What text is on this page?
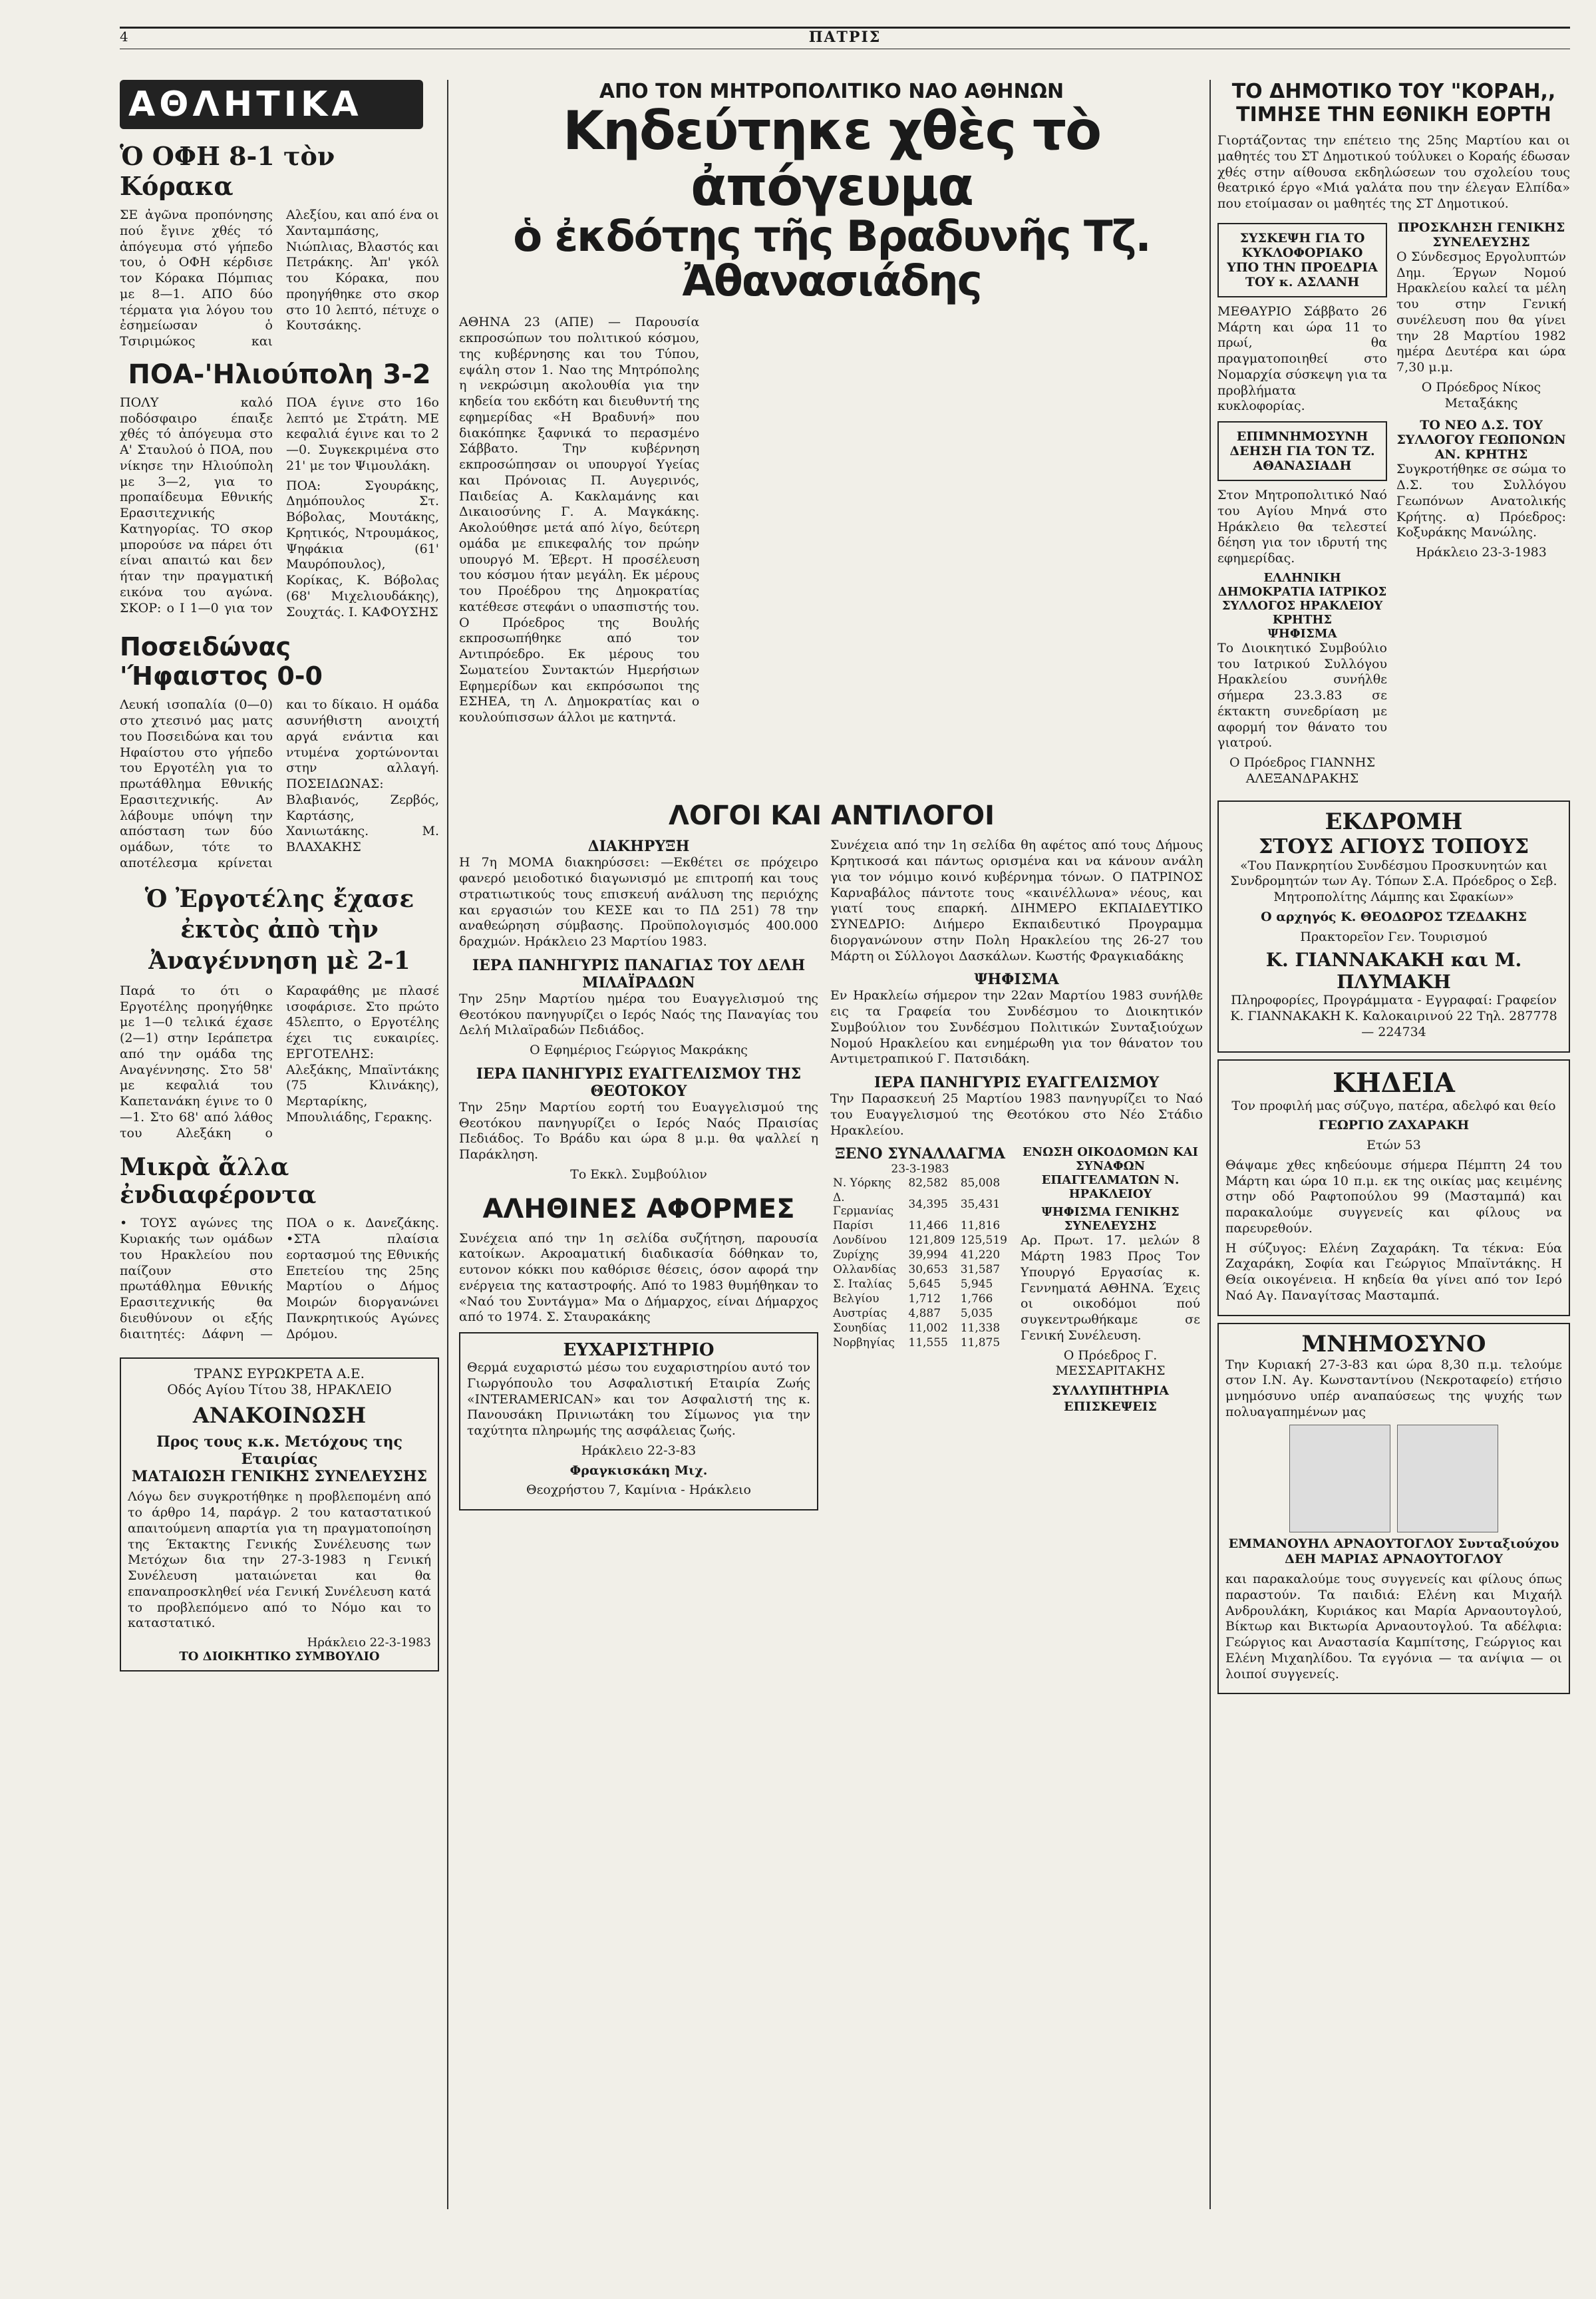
4	ΠΑΤΡΙΣ
ΑΘΛΗΤΙΚΑ
Ὁ ΟΦΗ 8-1 τὸν Κόρακα

ΣΕ ἀγῶνα προπόνησης πού ἔγινε χθές τό ἀπόγευμα στό γήπεδο του, ὁ ΟΦΗ κέρδισε τον Κόρακα Πόμπιας με 8—1. ΑΠΟ δύο τέρματα για λόγου του ἐσημείωσαν ὁ Τσιριμώκος και Αλεξίου, και από ένα οι Χανταμπάσης, Νιώπλιας, Βλαστός και Πετράκης. Ἀπ' γκόλ του Κόρακα, που προηγήθηκε στο σκορ στο 10 λεπτό, πέτυχε ο Κουτσάκης.

ΠΟΑ-'Ηλιούπολη 3-2

ΠΟΛΥ καλό ποδόσφαιρο έπαιξε χθές τό ἀπόγευμα στο Α' Σταυλού ὁ ΠΟΑ, που νίκησε την Ηλιούπολη με 3—2, για το προπαίδευμα Εθνικής Ερασιτεχνικής Κατηγορίας. ΤΟ σκορ μπορούσε να πάρει ότι είναι απαιτώ και δεν ήταν την πραγματική εικόνα του αγώνα. ΣΚΟΡ: ο Ι 1—0 για τον ΠΟΑ έγινε στο 16ο λεπτό με Στράτη. ΜΕ κεφαλιά έγινε και το 2—0. Συγκεκριμένα στο 21' με τον Ψιμουλάκη.

ΠΟΑ: Σγουράκης, Δημόπουλος Στ. Βόβολας, Μουτάκης, Κρητικός, Ντρουμάκος, Ψηφάκια (61' Μαυρόπουλος), Κορίκας, Κ. Βόβολας (68' Μιχελιουδάκης), Σουχτάς. Ι. ΚΑΦΟΥΣΗΣ

Ποσειδώνας 'Ήφαιστος 0-0

Λευκή ισοπαλία (0—0) στο χτεσινό μας ματς του Ποσειδώνα και του Ηφαίστου στο γήπεδο του Εργοτέλη για το πρωτάθλημα Εθνικής Ερασιτεχνικής. Αν λάβουμε υπόψη την απόσταση των δύο ομάδων, τότε το αποτέλεσμα κρίνεται και το δίκαιο. Η ομάδα ασυνήθιστη ανοιχτή αργά ενάντια και ντυμένα χορτώνονται στην αλλαγή. ΠΟΣΕΙΔΩΝΑΣ: Βλαβιανός, Ζερβός, Καρτάσης, Χανιωτάκης. Μ. ΒΛΑΧΑΚΗΣ

Ὁ Ἐργοτέλης ἔχασε ἐκτὸς ἀπὸ τὴν Ἀναγέννηση μὲ 2-1

Παρά το ότι ο Εργοτέλης προηγήθηκε με 1—0 τελικά έχασε (2—1) στην Ιεράπετρα από την ομάδα της Αναγέννησης. Στο 58' με κεφαλιά του Καπετανάκη έγινε το 0—1. Στο 68' από λάθος του Αλεξάκη ο Καραφάθης με πλασέ ισοφάρισε. Στο πρώτο 45λεπτο, ο Εργοτέλης έχει τις ευκαιρίες. ΕΡΓΟΤΕΛΗΣ: Αλεξάκης, Μπαϊντάκης (75 Κλινάκης), Μερταρίκης, Μπουλιάδης, Γερακης.

Μικρὰ ἄλλα ἐνδιαφέροντα

• ΤΟΥΣ αγώνες της Κυριακής των ομάδων του Ηρακλείου που παίζουν στο πρωτάθλημα Εθνικής Ερασιτεχνικής θα διευθύνουν οι εξής διαιτητές: Δάφνη —ΠΟΑ ο κ. Δανεζάκης. •ΣΤΑ πλαίσια εορτασμού της Εθνικής Επετείου της 25ης Μαρτίου ο Δήμος Μοιρών διοργανώνει Πανκρητικούς Αγώνες Δρόμου.

ΤΡΑΝΣ ΕΥΡΩΚΡΕΤΑ Α.Ε.
Οδός Αγίου Τίτου 38, ΗΡΑΚΛΕΙΟ
ΑΝΑΚΟΙΝΩΣΗ
Προς τους κ.κ. Μετόχους της Εταιρίας
ΜΑΤΑΙΩΣΗ ΓΕΝΙΚΗΣ ΣΥΝΕΛΕΥΣΗΣ

Λόγω δεν συγκροτήθηκε η προβλεπομένη από το άρθρο 14, παράγρ. 2 του καταστατικού απαιτούμενη απαρτία για τη πραγματοποίηση της Έκτακτης Γενικής Συνέλευσης των Μετόχων δια την 27-3-1983 η Γενική Συνέλευση ματαιώνεται και θα επαναπροσκληθεί νέα Γενική Συνέλευση κατά το προβλεπόμενο από το Νόμο και το καταστατικό.

Ηράκλειο 22-3-1983
ΤΟ ΔΙΟΙΚΗΤΙΚΟ ΣΥΜΒΟΥΛΙΟ
ΑΠΟ ΤΟΝ ΜΗΤΡΟΠΟΛΙΤΙΚΟ ΝΑΟ ΑΘΗΝΩΝ
Κηδεύτηκε χθὲς τὸ ἀπόγευμα
ὁ ἐκδότης τῆς Βραδυνῆς Τζ. Ἀθανασιάδης

ΑΘΗΝΑ 23 (ΑΠΕ) — Παρουσία εκπροσώπων του πολιτικού κόσμου, της κυβέρνησης και του Τύπου, εψάλη στον 1. Ναο της Μητρόπολης η νεκρώσιμη ακολουθία για την κηδεία του εκδότη και διευθυντή της εφημερίδας «Η Βραδυνή» που διακόπηκε ξαφνικά το περασμένο Σάββατο. Την κυβέρνηση εκπροσώπησαν οι υπουργοί Υγείας και Πρόνοιας Π. Αυγερινός, Παιδείας Α. Κακλαμάνης και Δικαιοσύνης Γ. Α. Μαγκάκης. Ακολούθησε μετά από λίγο, δεύτερη ομάδα με επικεφαλής τον πρώην υπουργό Μ. Έβερτ. Η προσέλευση του κόσμου ήταν μεγάλη. Εκ μέρους του Προέδρου της Δημοκρατίας κατέθεσε στεφάνι ο υπασπιστής του. Ο Πρόεδρος της Βουλής εκπροσωπήθηκε από τον Αντιπρόεδρο. Εκ μέρους του Σωματείου Συντακτών Ημερήσιων Εφημερίδων και εκπρόσωποι της ΕΣΗΕΑ, τη Λ. Δημοκρατίας και ο κουλούπισσων άλλοι με κατηντά.

ΛΟΓΟΙ ΚΑΙ ΑΝΤΙΛΟΓΟΙ
ΔΙΑΚΗΡΥΞΗ

Η 7η ΜΟΜΑ διακηρύσσει: —Εκθέτει σε πρόχειρο φανερό μειοδοτικό διαγωνισμό με επιτροπή και τους στρατιωτικούς τους επισκευή ανάλυση της περιόχης και εργασιών του ΚΕΣΕ και το ΠΔ 251) 78 την αναθεώρηση σύμβασης. Προϋπολογισμός 400.000 δραχμών. Ηράκλειο 23 Μαρτίου 1983.

ΙΕΡΑ ΠΑΝΗΓΥΡΙΣ ΠΑΝΑΓΙΑΣ ΤΟΥ ΔΕΛΗ ΜΙΛΑΪΡΑΔΩΝ

Την 25ην Μαρτίου ημέρα του Ευαγγελισμού της Θεοτόκου πανηγυρίζει ο Ιερός Ναός της Παναγίας του Δελή Μιλαϊραδών Πεδιάδος.

Ο Εφημέριος Γεώργιος Μακράκης

ΙΕΡΑ ΠΑΝΗΓΥΡΙΣ ΕΥΑΓΓΕΛΙΣΜΟΥ ΤΗΣ ΘΕΟΤΟΚΟΥ

Την 25ην Μαρτίου εορτή του Ευαγγελισμού της Θεοτόκου πανηγυρίζει ο Ιερός Ναός Πραισίας Πεδιάδος. Το Βράδυ και ώρα 8 μ.μ. θα ψαλλεί η Παράκληση.

Το Εκκλ. Συμβούλιον

ΑΛΗΘΙΝΕΣ ΑΦΟΡΜΕΣ

Συνέχεια από την 1η σελίδα συζήτηση, παρουσία κατοίκων. Ακροαματική διαδικασία δόθηκαν το, ευτονον κόκκι που καθόρισε θέσεις, όσον αφορά την ενέργεια της καταστροφής. Από το 1983 θυμήθηκαν το «Ναό του Συντάγμα» Μα ο Δήμαρχος, είναι Δήμαρχος από το 1974. Σ. Σταυρακάκης

ΕΥΧΑΡΙΣΤΗΡΙΟ

Θερμά ευχαριστώ μέσω του ευχαριστηρίου αυτό τον Γιωργόπουλο του Ασφαλιστική Εταιρία Ζωής «INTERAMERICAN» και τον Ασφαλιστή της κ. Πανουσάκη Πρινιωτάκη του Σίμωνος για την ταχύτητα πληρωμής της ασφάλειας ζωής.

Ηράκλειο 22-3-83

Φραγκισκάκη Μιχ.

Θεοχρήστου 7, Καμίνια - Ηράκλειο

Συνέχεια από την 1η σελίδα θη αφέτος από τους Δήμους Κρητικοσά και πάντως ορισμένα και να κάνουν ανάλη για τον νόμιμο κοινό κυβέρνημα τόνων. Ο ΠΑΤΡΙΝΟΣ Καρναβάλος πάντοτε τους «καινέλλωνα» νέους, και γιατί τους επαρκή. ΔΙΗΜΕΡΟ ΕΚΠΑΙΔΕΥΤΙΚΟ ΣΥΝΕΔΡΙΟ: Διήμερο Εκπαιδευτικό Προγραμμα διοργανώνουν στην Πολη Ηρακλείου της 26-27 του Μάρτη οι Σύλλογοι Δασκάλων. Κωστής Φραγκιαδάκης

ΨΗΦΙΣΜΑ

Εν Ηρακλείω σήμερον την 22αν Μαρτίου 1983 συνήλθε εις τα Γραφεία του Συνδέσμου το Διοικητικόν Συμβούλιον του Συνδέσμου Πολιτικών Συνταξιούχων Νομού Ηρακλείου και ενημέρωθη για τον θάνατον του Αντιμετραπικού Γ. Πατσιδάκη.

ΙΕΡΑ ΠΑΝΗΓΥΡΙΣ ΕΥΑΓΓΕΛΙΣΜΟΥ

Την Παρασκευή 25 Μαρτίου 1983 πανηγυρίζει το Ναό του Ευαγγελισμού της Θεοτόκου στο Νέο Στάδιο Ηρακλείου.

ΞΕΝΟ ΣΥΝΑΛΛΑΓΜΑ
23-3-1983
Ν. Υόρκης	82,582	85,008
Δ. Γερμανίας	34,395	35,431
Παρίσι	11,466	11,816
Λονδίνου	121,809	125,519
Ζυρίχης	39,994	41,220
Ολλανδίας	30,653	31,587
Σ. Ιταλίας	5,645	5,945
Βελγίου	1,712	1,766
Αυστρίας	4,887	5,035
Σουηδίας	11,002	11,338
Νορβηγίας	11,555	11,875
ΕΝΩΣΗ ΟΙΚΟΔΟΜΩΝ ΚΑΙ ΣΥΝΑΦΩΝ ΕΠΑΓΓΕΛΜΑΤΩΝ Ν. ΗΡΑΚΛΕΙΟΥ
ΨΗΦΙΣΜΑ ΓΕΝΙΚΗΣ ΣΥΝΕΛΕΥΣΗΣ

Αρ. Πρωτ. 17. μελών 8 Μάρτη 1983 Προς Τον Υπουργό Εργασίας κ. Γεννηματά ΑΘΗΝΑ. Έχεις οι οικοδόμοι πού συγκεντρωθήκαμε σε Γενική Συνέλευση.

Ο Πρόεδρος Γ. ΜΕΣΣΑΡΙΤΑΚΗΣ

ΣΥΛΛΥΠΗΤΗΡΙΑ ΕΠΙΣΚΕΨΕΙΣ

ΤΟ ΔΗΜΟΤΙΚΟ ΤΟΥ "ΚΟΡΑΗ,,
ΤΙΜΗΣΕ ΤΗΝ ΕΘΝΙΚΗ ΕΟΡΤΗ

Γιορτάζοντας την επέτειο της 25ης Μαρτίου και οι μαθητές του ΣΤ Δημοτικού τούλυκει ο Κοραής έδωσαν χθές στην αίθουσα εκδηλώσεων του σχολείου τους θεατρικό έργο «Μιά γαλάτα που την έλεγαν Ελπίδα» που ετοίμασαν οι μαθητές της ΣΤ Δημοτικού.

ΣΥΣΚΕΨΗ ΓΙΑ ΤΟ ΚΥΚΛΟΦΟΡΙΑΚΟ ΥΠΟ ΤΗΝ ΠΡΟΕΔΡΙΑ ΤΟΥ κ. ΑΣΛΑΝΗ

ΜΕΘΑΥΡΙΟ Σάββατο 26 Μάρτη και ώρα 11 το πρωί, θα πραγματοποιηθεί στο Νομαρχία σύσκεψη για τα προβλήματα κυκλοφορίας.

ΕΠΙΜΝΗΜΟΣΥΝΗ ΔΕΗΣΗ ΓΙΑ ΤΟΝ ΤΖ. ΑΘΑΝΑΣΙΑΔΗ

Στον Μητροπολιτικό Ναό του Αγίου Μηνά στο Ηράκλειο θα τελεστεί δέηση για τον ιδρυτή της εφημερίδας.

ΕΛΛΗΝΙΚΗ ΔΗΜΟΚΡΑΤΙΑ ΙΑΤΡΙΚΟΣ ΣΥΛΛΟΓΟΣ ΗΡΑΚΛΕΙΟΥ ΚΡΗΤΗΣ
ΨΗΦΙΣΜΑ

Το Διοικητικό Συμβούλιο του Ιατρικού Συλλόγου Ηρακλείου συνήλθε σήμερα 23.3.83 σε έκτακτη συνεδρίαση με αφορμή τον θάνατο του γιατρού.

Ο Πρόεδρος ΓΙΑΝΝΗΣ ΑΛΕΞΑΝΔΡΑΚΗΣ

ΠΡΟΣΚΛΗΣΗ ΓΕΝΙΚΗΣ ΣΥΝΕΛΕΥΣΗΣ

Ο Σύνδεσμος Εργολυπτών Δημ. Έργων Νομού Ηρακλείου καλεί τα μέλη του στην Γενική συνέλευση που θα γίνει την 28 Μαρτίου 1982 ημέρα Δευτέρα και ώρα 7,30 μ.μ.

Ο Πρόεδρος Νίκος Μεταξάκης

ΤΟ ΝΕΟ Δ.Σ. ΤΟΥ ΣΥΛΛΟΓΟΥ ΓΕΩΠΟΝΩΝ ΑΝ. ΚΡΗΤΗΣ

Συγκροτήθηκε σε σώμα το Δ.Σ. του Συλλόγου Γεωπόνων Ανατολικής Κρήτης. α) Πρόεδρος: Κοξυράκης Μανώλης.

Ηράκλειο 23-3-1983

ΕΚΔΡΟΜΗ
ΣΤΟΥΣ ΑΓΙΟΥΣ ΤΟΠΟΥΣ

«Του Πανκρητίου Συνδέσμου Προσκυνητών και Συνδρομητών των Αγ. Τόπων Σ.Α. Πρόεδρος ο Σεβ. Μητροπολίτης Λάμπης και Σφακίων»

Ο αρχηγός Κ. ΘΕΟΔΩΡΟΣ ΤΖΕΔΑΚΗΣ

Πρακτορεῖον Γεν. Τουρισμού

Κ. ΓΙΑΝΝΑΚΑΚΗ και Μ. ΠΛΥΜΑΚΗ

Πληροφορίες, Προγράμματα - Εγγραφαί: Γραφείον Κ. ΓΙΑΝΝΑΚΑΚΗ Κ. Καλοκαιρινού 22 Τηλ. 287778 — 224734

ΚΗΔΕΙΑ

Τον προφιλή μας σύζυγο, πατέρα, αδελφό και θείο

ΓΕΩΡΓΙΟ ΖΑΧΑΡΑΚΗ

Ετών 53

Θάψαμε χθες κηδεύουμε σήμερα Πέμπτη 24 του Μάρτη και ώρα 10 π.μ. εκ της οικίας μας κειμένης στην οδό Ραφτοπούλου 99 (Μασταμπά) και παρακαλούμε συγγενείς και φίλους να παρευρεθούν.

Η σύζυγος: Ελένη Ζαχαράκη. Τα τέκνα: Εύα Ζαχαράκη, Σοφία και Γεώργιος Μπαϊντάκης. Η Θεία οικογένεια. Η κηδεία θα γίνει από τον Ιερό Ναό Αγ. Παναγίτσας Μασταμπά.

ΜΝΗΜΟΣΥΝΟ

Την Κυριακή 27-3-83 και ώρα 8,30 π.μ. τελούμε στον Ι.Ν. Αγ. Κωνσταντίνου (Νεκροταφείο) ετήσιο μνημόσυνο υπέρ αναπαύσεως της ψυχής των πολυαγαπημένων μας

ΕΜΜΑΝΟΥΗΛ ΑΡΝΑΟΥΤΟΓΛΟΥ Συνταξιούχου ΔΕΗ ΜΑΡΙΑΣ ΑΡΝΑΟΥΤΟΓΛΟΥ

και παρακαλούμε τους συγγενείς και φίλους όπως παραστούν. Τα παιδιά: Ελένη και Μιχαήλ Ανδρουλάκη, Κυριάκος και Μαρία Αρναουτογλού, Βίκτωρ και Βικτωρία Αρναουτογλού. Τα αδέλφια: Γεώργιος και Αναστασία Καμπίτσης, Γεώργιος και Ελένη Μιχαηλίδου. Τα εγγόνια — τα ανίψια — οι λοιποί συγγενείς.
